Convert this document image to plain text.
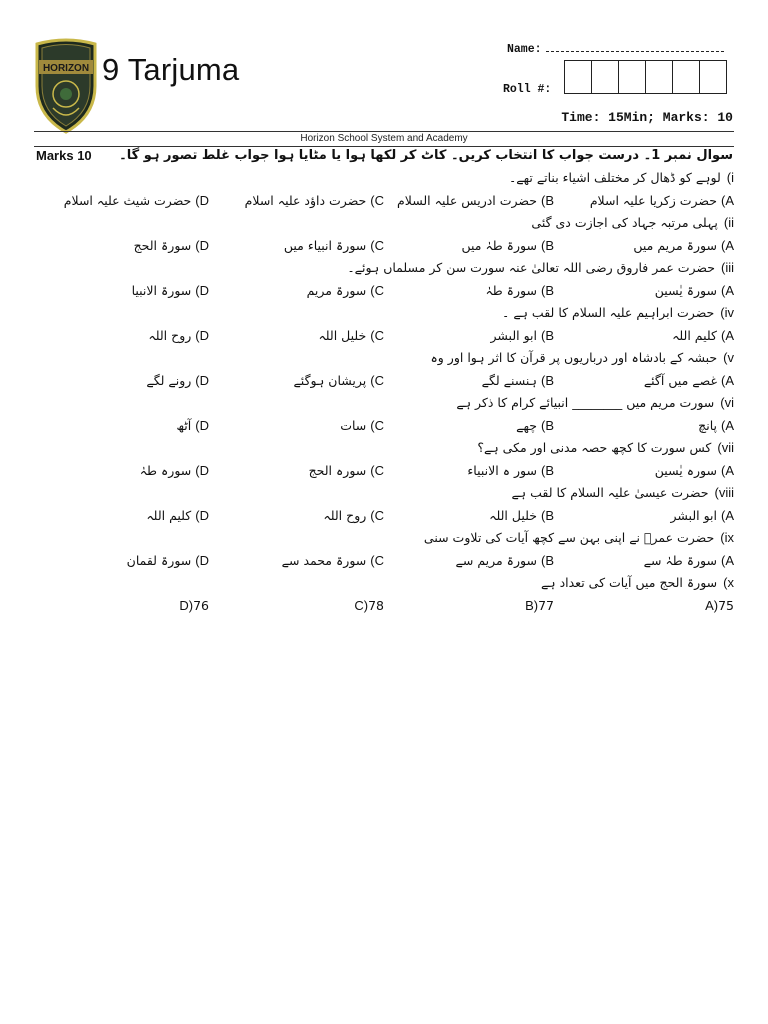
HORIZON 9 Tarjuma
Name:
Roll #:
Time: 15Min; Marks: 10
Horizon School System and Academy
Marks 10 سوال نمبر 1۔ درست جواب کا انتخاب کریں۔ کاٹ کر لکھا ہوا یا مٹایا ہوا جواب غلط تصور ہو گا۔
i)لوہے کو ڈھال کر مختلف اشیاء بناتے تھے۔
A)حضرت زکریا علیہ اسلام
B)حضرت ادریس علیہ السلام
C)حضرت داؤد علیہ اسلام
D)حضرت شیث علیہ اسلام
ii)پہلی مرتبہ جہاد کی اجازت دی گئی
A)سورۃ مریم میں
B)سورۃ طہٰ میں
C)سورۃ انبیاء میں
D)سورۃ الحج
iii)حضرت عمر فاروق رضی اللہ تعالیٰ عنہ سورت سن کر مسلماں ہوئے۔
A)سورۃ یٰسین
B)سورۃ طہٰ
C)سورۃ مریم
D)سورۃ الانبیا
iv)حضرت ابراہیم علیہ السلام کا لقب ہے ۔
A)کلیم اللہ
B)ابو البشر
C)خلیل اللہ
D)روح اللہ
v)حبشہ کے بادشاہ اور درباریوں پر قرآن کا اثر ہوا اور وہ
A)غصے میں آگئے
B)ہنسنے لگے
C)پریشان ہوگئے
D)رونے لگے
vi)سورت مریم میں ________ انبیائے کرام کا ذکر ہے
A)پانچ
B)چھے
C)سات
D)آٹھ
vii)کس سورت کا کچھ حصہ مدنی اور مکی ہے؟
A)سورہ یٰسین
B)سور ہ الانبیاء
C)سورہ الحج
D)سورہ طہٰ
viii)حضرت عیسیٰ علیہ السلام کا لقب ہے
A)ابو البشر
B)خلیل اللہ
C)روح اللہ
D)کلیم اللہ
ix)حضرت عمرؓ نے اپنی بہن سے کچھ آیات کی تلاوت سنی
A)سورۃ طہٰ سے
B)سورۃ مریم سے
C)سورۃ محمد سے
D)سورۃ لقمان
x)سورۃ الحج میں آیات کی تعداد ہے
A)75
B)77
C)78
D)76
